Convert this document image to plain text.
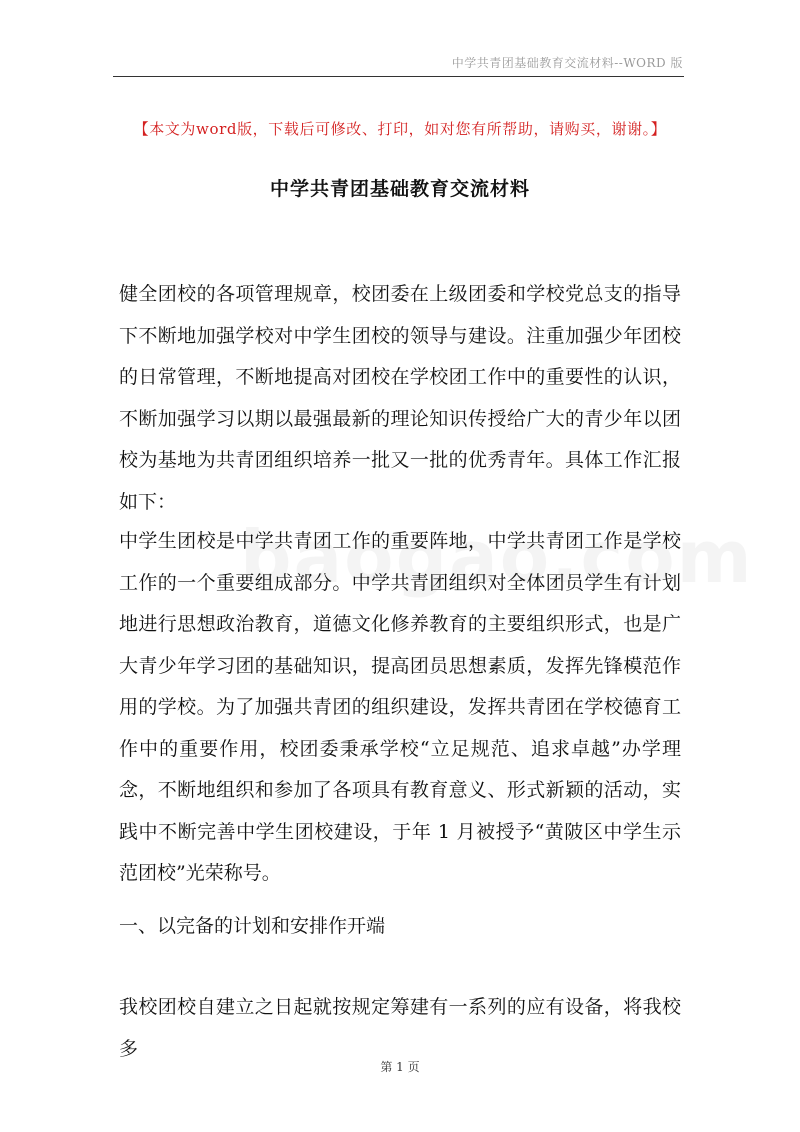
中学共青团基础教育交流材料--WORD 版
【本文为word版，下载后可修改、打印，如对您有所帮助，请购买，谢谢。】
中学共青团基础教育交流材料

健全团校的各项管理规章，校团委在上级团委和学校党总支的指导下不断地加强学校对中学生团校的领导与建设。注重加强少年团校的日常管理，不断地提高对团校在学校团工作中的重要性的认识，不断加强学习以期以最强最新的理论知识传授给广大的青少年以团校为基地为共青团组织培养一批又一批的优秀青年。具体工作汇报如下：

中学生团校是中学共青团工作的重要阵地，中学共青团工作是学校工作的一个重要组成部分。中学共青团组织对全体团员学生有计划地进行思想政治教育，道德文化修养教育的主要组织形式，也是广大青少年学习团的基础知识，提高团员思想素质，发挥先锋模范作用的学校。为了加强共青团的组织建设，发挥共青团在学校德育工作中的重要作用，校团委秉承学校“立足规范、追求卓越”办学理念，不断地组织和参加了各项具有教育意义、形式新颖的活动，实践中不断完善中学生团校建设，于年 1 月被授予“黄陂区中学生示范团校”光荣称号。

一、以完备的计划和安排作开端

我校团校自建立之日起就按规定筹建有一系列的应有设备，将我校多

第 1 页
